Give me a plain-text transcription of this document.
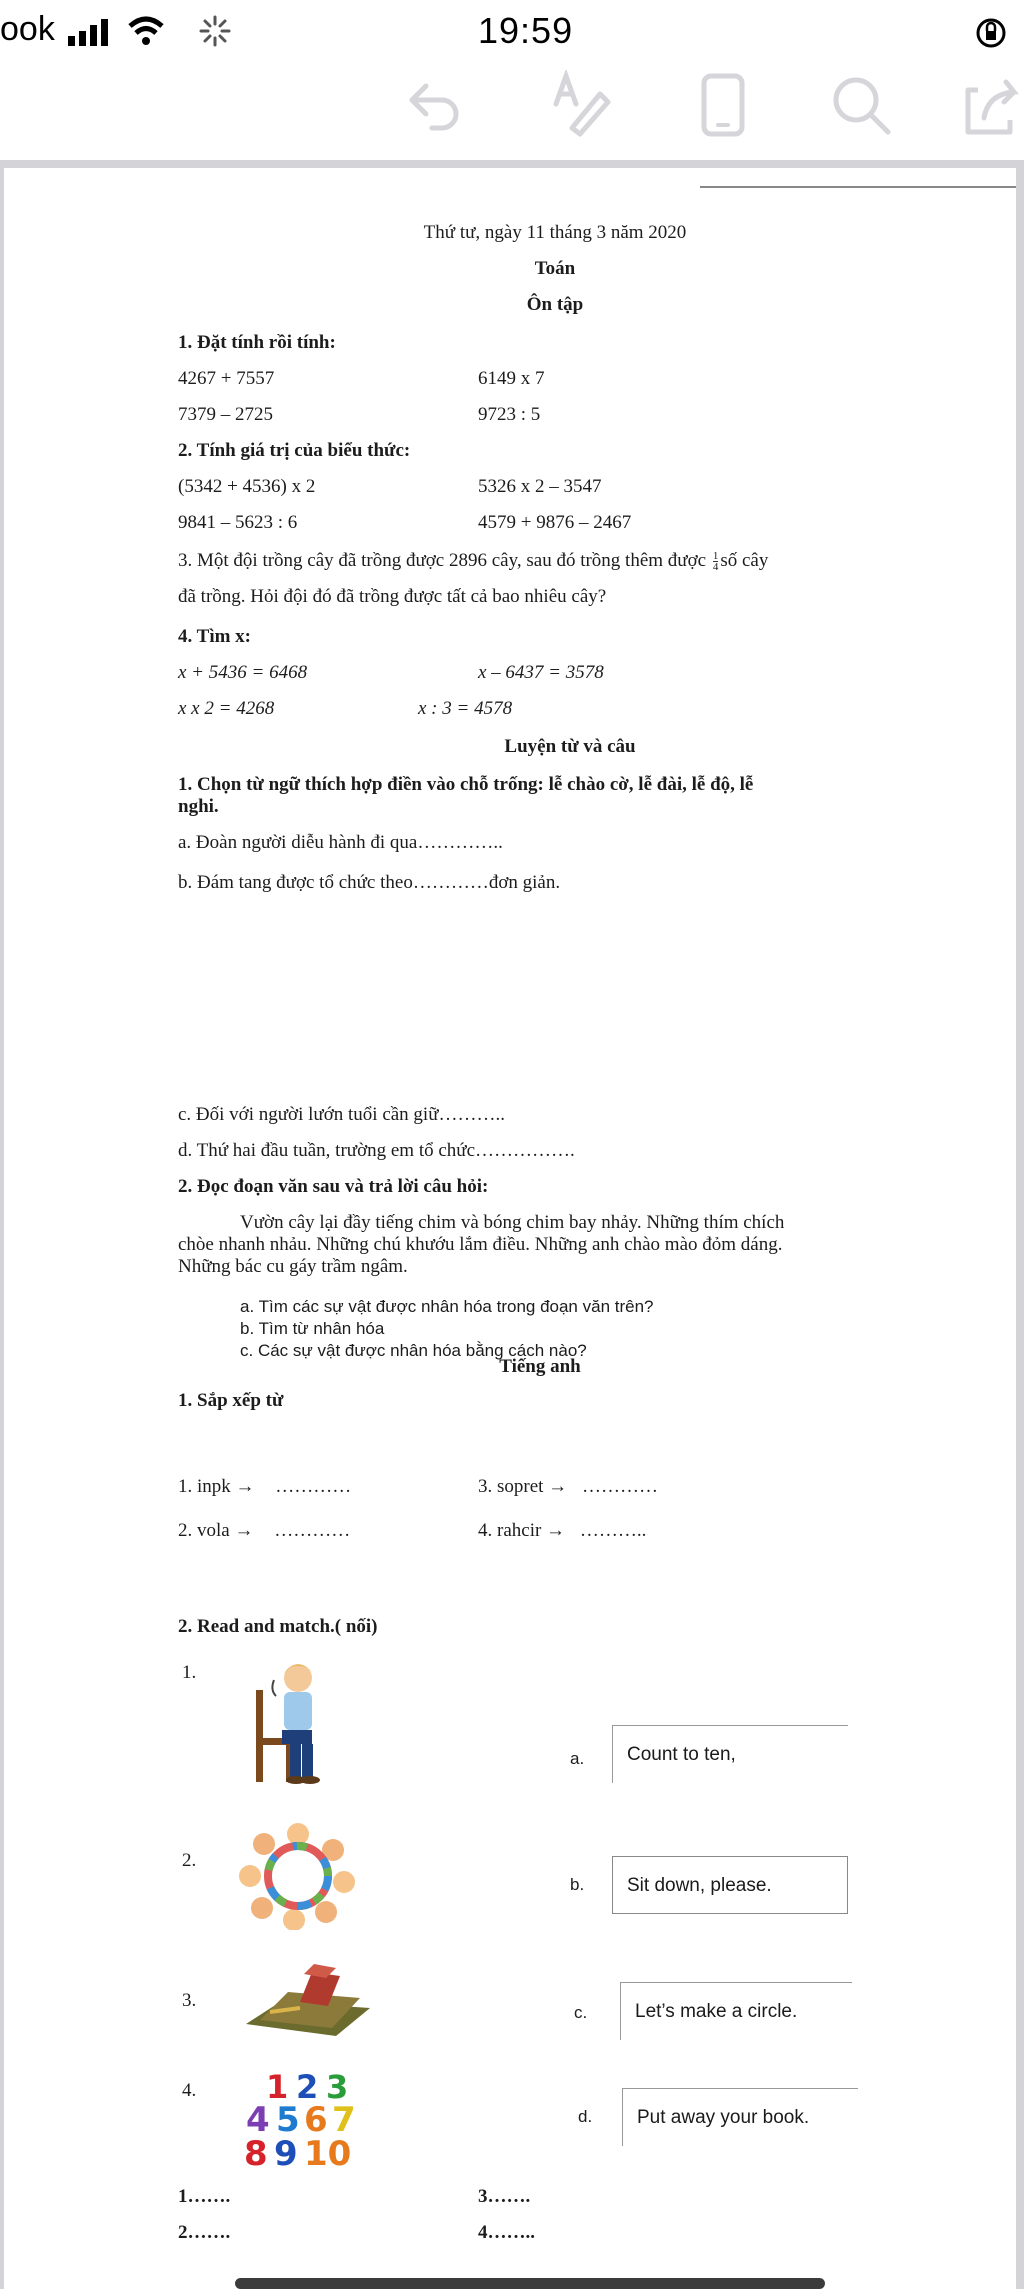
ook	19:59
Thứ tư, ngày 11 tháng 3 năm 2020
Toán
Ôn tập
1. Đặt tính rồi tính:
4267 + 7557	6149 x 7
7379 – 2725	9723 : 5
2. Tính giá trị của biểu thức:
(5342 + 4536) x 2	5326 x 2 – 3547
9841 – 5623 : 6	4579 + 9876 – 2467
3. Một đội trồng cây đã trồng được 2896 cây, sau đó trồng thêm được $\frac{1}{4}$ số cây
đã trồng. Hỏi đội đó đã trồng được tất cả bao nhiêu cây?
4. Tìm x:
x + 5436 = 6468	x – 6437 = 3578
x x 2 = 4268	x : 3 = 4578
Luyện từ và câu
1. Chọn từ ngữ thích hợp điền vào chỗ trống: lễ chào cờ, lễ đài, lễ độ, lễ
nghi.
a. Đoàn người diễu hành đi qua…………..
b. Đám tang được tổ chức theo…………đơn giản.
c. Đối với người lướn tuổi cần giữ………..
d. Thứ hai đầu tuần, trường em tổ chức…………….
2. Đọc đoạn văn sau và trả lời câu hỏi:
Vườn cây lại đầy tiếng chim và bóng chim bay nhảy. Những thím chích
chòe nhanh nhảu. Những chú khướu lắm điều. Những anh chào mào đỏm dáng.
Những bác cu gáy trầm ngâm.
a. Tìm các sự vật được nhân hóa trong đoạn văn trên?
b. Tìm từ nhân hóa
c. Các sự vật được nhân hóa bằng cách nào?
Tiếng anh
1. Sắp xếp từ
1. inpk → …………	3. sopret → …………
2. vola → …………	4. rahcir → ………..
2. Read and match.( nối)
1.
2.
3.
4. 1 2 3
4 5 6 7
8 9 10
a.	Count to ten,
b.	Sit down, please.
c.	Let’s make a circle.
d.	Put away your book.
1…….	3…….
2…….	4……..
